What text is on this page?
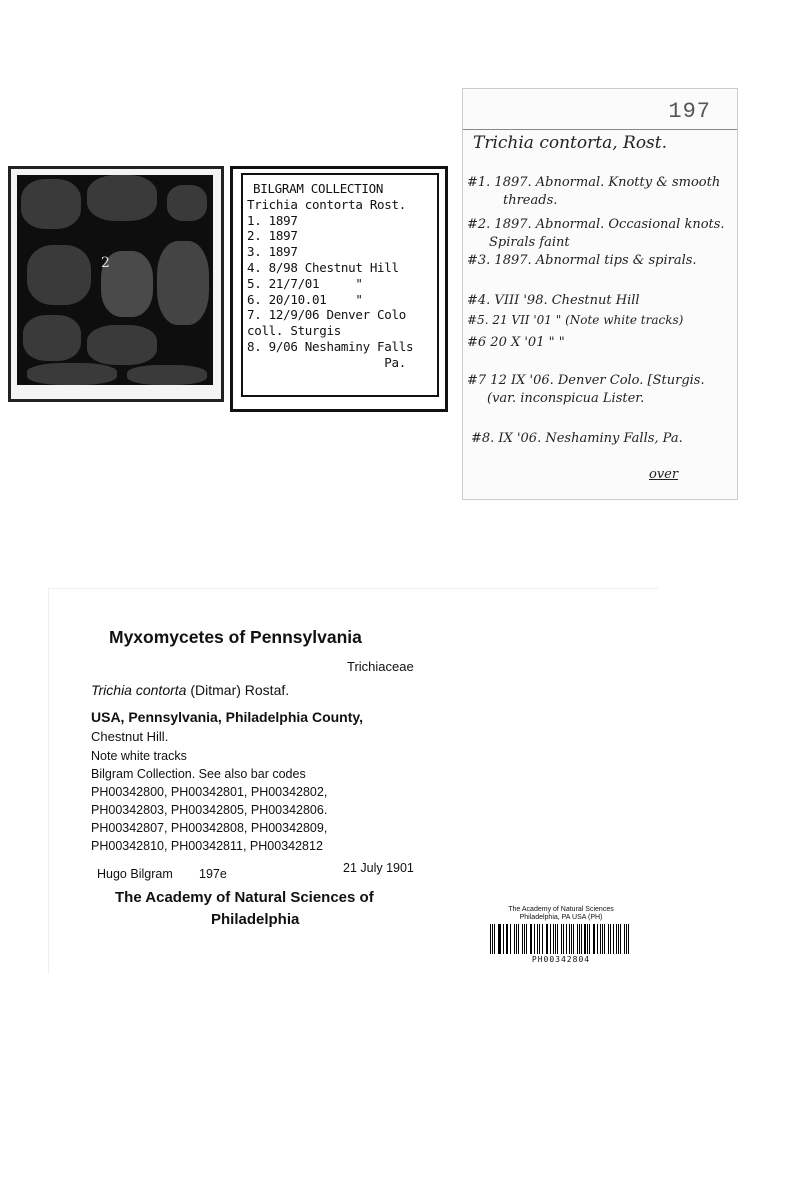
2
BILGRAM COLLECTION
Trichia contorta Rost.
1. 1897
2. 1897
3. 1897
4. 8/98 Chestnut Hill
5. 21/7/01     "
6. 20/10.01    "
7. 12/9/06 Denver Colo
coll. Sturgis
8. 9/06 Neshaminy Falls
Pa.
197
Trichia contorta, Rost.
#1. 1897. Abnormal. Knotty & smooth
threads.
#2. 1897. Abnormal. Occasional knots.
Spirals faint
#3. 1897. Abnormal tips & spirals.
#4. VIII '98. Chestnut Hill
#5. 21 VII '01 " (Note white tracks)
#6 20 X '01 " "
#7 12 IX '06. Denver Colo. [Sturgis.
(var. inconspicua Lister.
#8. IX '06. Neshaminy Falls, Pa.
over
Myxomycetes of Pennsylvania
Trichiaceae
Trichia contorta (Ditmar) Rostaf.
USA, Pennsylvania, Philadelphia County,
Chestnut Hill.
Note white tracks
Bilgram Collection. See also bar codes
PH00342800, PH00342801, PH00342802,
PH00342803, PH00342805, PH00342806.
PH00342807, PH00342808, PH00342809,
PH00342810, PH00342811, PH00342812
Hugo Bilgram 197e	21 July 1901
The Academy of Natural Sciences of
Philadelphia
The Academy of Natural Sciences
Philadelphia, PA USA (PH)
PH00342804
